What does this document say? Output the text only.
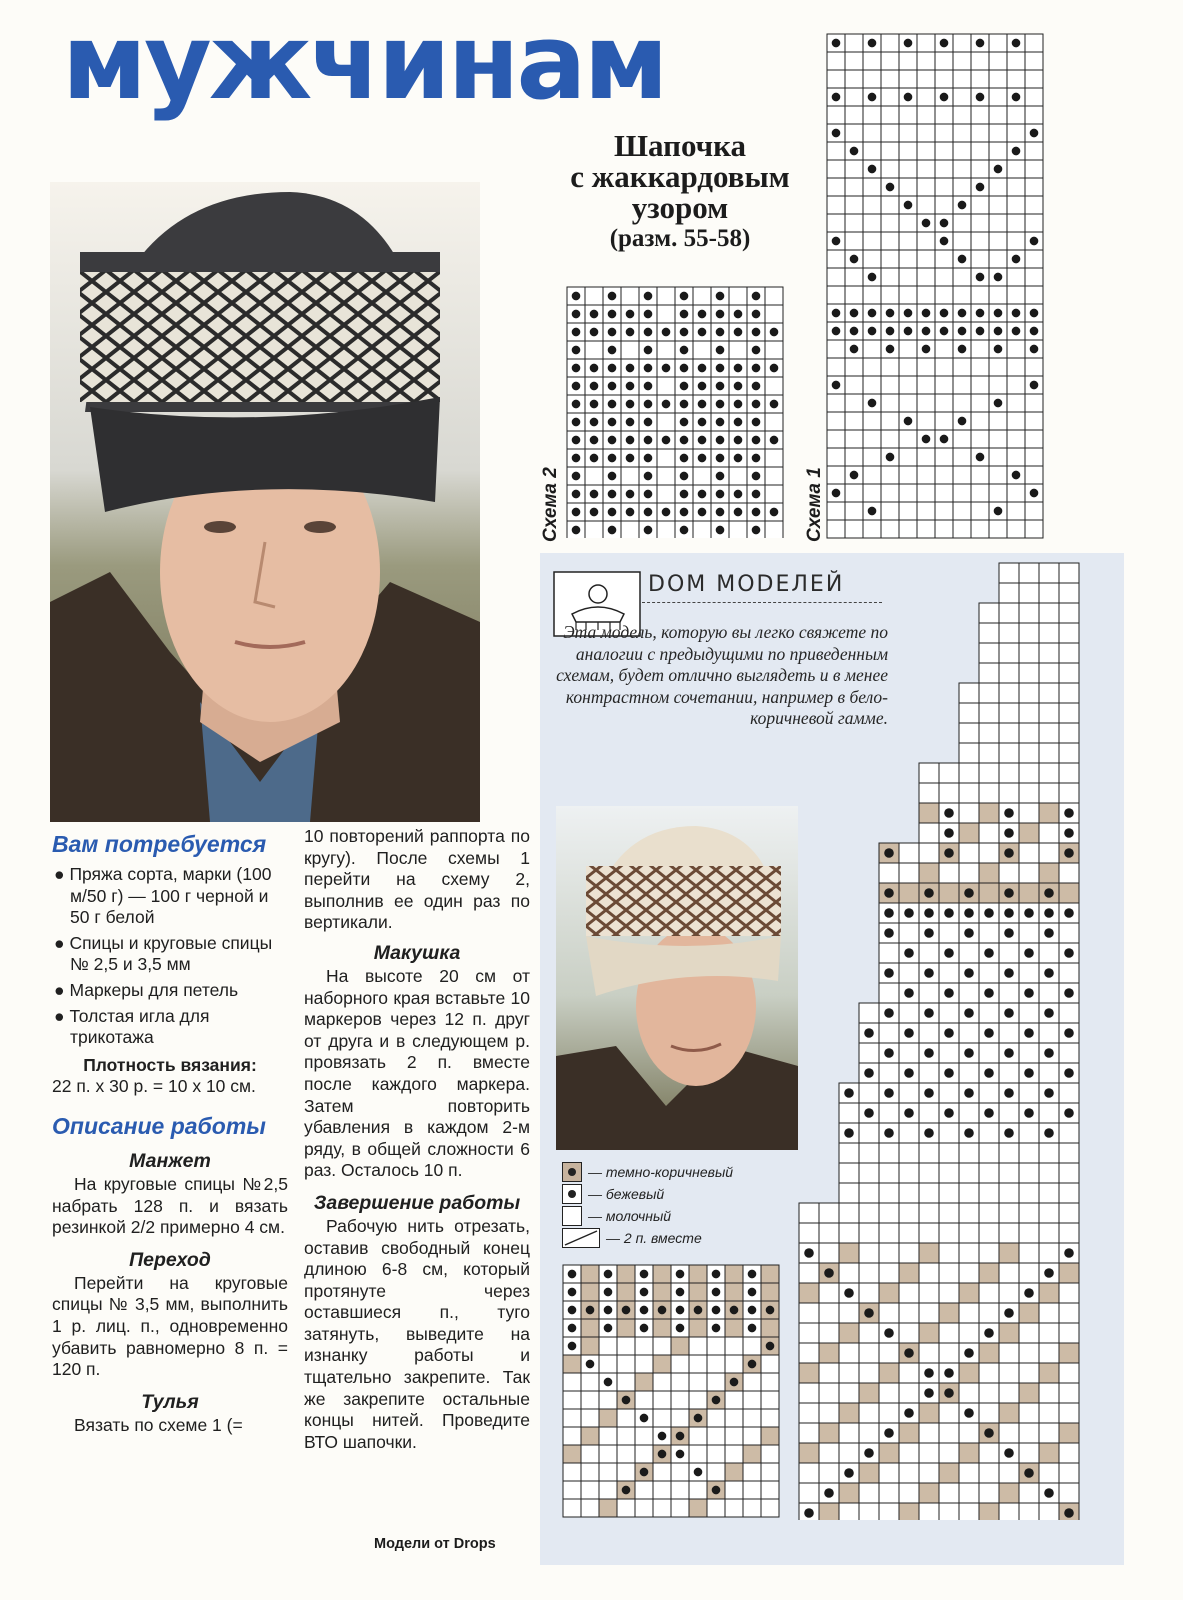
мужчинам
Шапочка
с жаккардовым
узором
(разм. 55-58)
Схема 2	Схема 1
DOM MODEЛЕЙ
Эта модель, которую вы легко свяжете по аналогии с предыдущими по приведенным схемам, будет отлично выглядеть и в менее контрастном сочетании, например в бело-коричневой гамме.
— темно-коричневый
— бежевый
— молочный
— 2 п. вместе
Вам потребуется

● Пряжа сорта, марки (100 м/50 г) — 100 г черной и 50 г белой

● Спицы и круговые спицы № 2,5 и 3,5 мм

● Маркеры для петель

● Толстая игла для трикотажа

Плотность вязания:

22 п. х 30 р. = 10 х 10 см.

Описание работы
Манжет

На круговые спицы №2,5 набрать 128 п. и вязать резинкой 2/2 примерно 4 см.

Переход

Перейти на круговые спицы № 3,5 мм, выполнить 1 р. лиц. п., одновременно убавить равномерно 8 п. = 120 п.

Тулья

Вязать по схеме 1 (=

10 повторений раппорта по кругу). После схемы 1 перейти на схему 2, выполнив ее один раз по вертикали.

Макушка

На высоте 20 см от наборного края вставьте 10 маркеров через 12 п. друг от друга и в следующем р. провязать 2 п. вместе после каждого маркера. Затем повторить убавления в каждом 2-м ряду, в общей сложности 6 раз. Осталось 10 п.

Завершение работы

Рабочую нить отрезать, оставив свободный конец длиною 6-8 см, который протянуте через оставшиеся п., туго затянуть, выведите на изнанку работы и тщательно закрепите. Так же закрепите остальные концы нитей. Проведите ВТО шапочки.

Модели от Drops
